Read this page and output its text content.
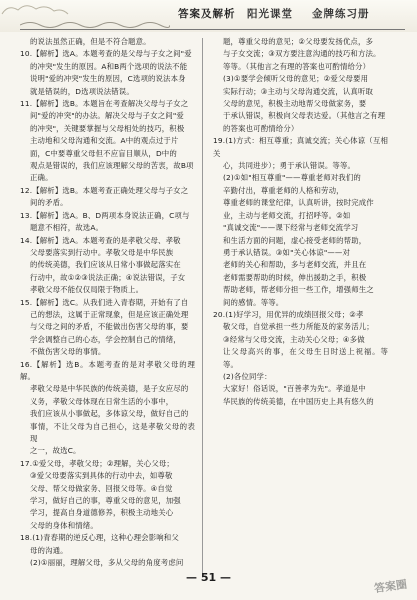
答案及解析 阳光课堂 金牌练习册

的说法虽然正确，但是不符合题意。

10.【解析】选A。本题考查的是父母与子女之间"爱

的冲突"发生的原因。A和B两个选项的说法不能

说明"爱的冲突"发生的原因，C选项的说法本身

就是错误的，D选项说法错误。

11.【解析】选B。本题旨在考查解决父母与子女之

间"爱的冲突"的办法。解决父母与子女之间"爱

的冲突"，关键要掌握与父母相处的技巧，积极

主动地和父母沟通和交流。A中的观点过于片

面，C中要尊重父母但不应盲目顺从，D中的

观点是错误的，我们应该理解父母的苦衷，故B项

正确。

12.【解析】选B。本题考查正确处理父母与子女之

间的矛盾。

13.【解析】选A。B、D两项本身说法正确，C项与

题意不相符，故选A。

14.【解析】选A。本题考查的是孝敬父母、孝敬

父母要落实到行动中。孝敬父母是中华民族

的传统美德，我们应该从日常小事做起落实在

行动中，故①②③说法正确；④说法错误，子女

孝敬父母不能仅仅局限于物质上。

15.【解析】选C。从我们进入青春期，开始有了自

己的想法，这属于正常现象，但是应该正确处理

与父母之间的矛盾，不能做出伤害父母的事，要

学会调整自己的心态，学会控制自己的情绪，

不做伤害父母的事情。

16.【解析】选B。本题考查的是对孝敬父母的理解。

孝敬父母是中华民族的传统美德，是子女应尽的

义务，孝敬父母体现在日常生活的小事中，

我们应该从小事做起，多体谅父母，做好自己的

事情，不让父母为自己担心，这是孝敬父母的表现

之一，故选C。

17.①爱父母，孝敬父母；②理解，关心父母；

③爱父母要落实到具体的行动中去，如尊敬

父母、帮父母做家务、回报父母等。④自觉

学习，做好自己的事，尊重父母的意见，加强

学习，提高自身道德修养，积极主动地关心

父母的身体和情绪。

18.(1)青春期的逆反心理，这种心理会影响和父

母的沟通。

(2)①丽丽，理解父母，多从父母的角度考虑问

题，尊重父母的意见；②父母要发扬优点，多

与子女交流；③双方要注意沟通的技巧和方法。

等等。（其他言之有理的答案也可酌情给分）

(3)①要学会倾听父母的意见；②爱父母要用

实际行动；③主动与父母沟通交流，认真听取

父母的意见，积极主动地帮父母做家务，要

于承认错误，积极向父母表达爱。（其他言之有理

的答案也可酌情给分）

19.(1)方式：相互尊重；真诚交流；关心体谅（互相关

心，共同进步）；勇于承认错误。等等。

(2)①如"相互尊重"——尊重老师对我们的

辛勤付出，尊重老师的人格和劳动，

尊重老师的课堂纪律，认真听讲，按时完成作

业，主动与老师交流，打招呼等。②如

"真诚交流"——课下经常与老师交流学习

和生活方面的问题，虚心接受老师的帮助，

勇于承认错误。③如"关心体谅"——对

老师的关心和帮助，多与老师交流，并且在

老师需要帮助的时候，伸出援助之手，积极

帮助老师，帮老师分担一些工作，增强师生之

间的感情。等等。

20.(1)好学习，用优异的成绩回报父母；②孝

敬父母，自觉承担一些力所能及的家务活儿；

③经常与父母交流，主动关心父母；④多做

让父母高兴的事，在父母生日时送上祝福。等等。

(2)各位同学：

大家好！俗话说，"百善孝为先"。孝道是中

华民族的传统美德，在中国历史上具有悠久的

— 51 —
答案圈
